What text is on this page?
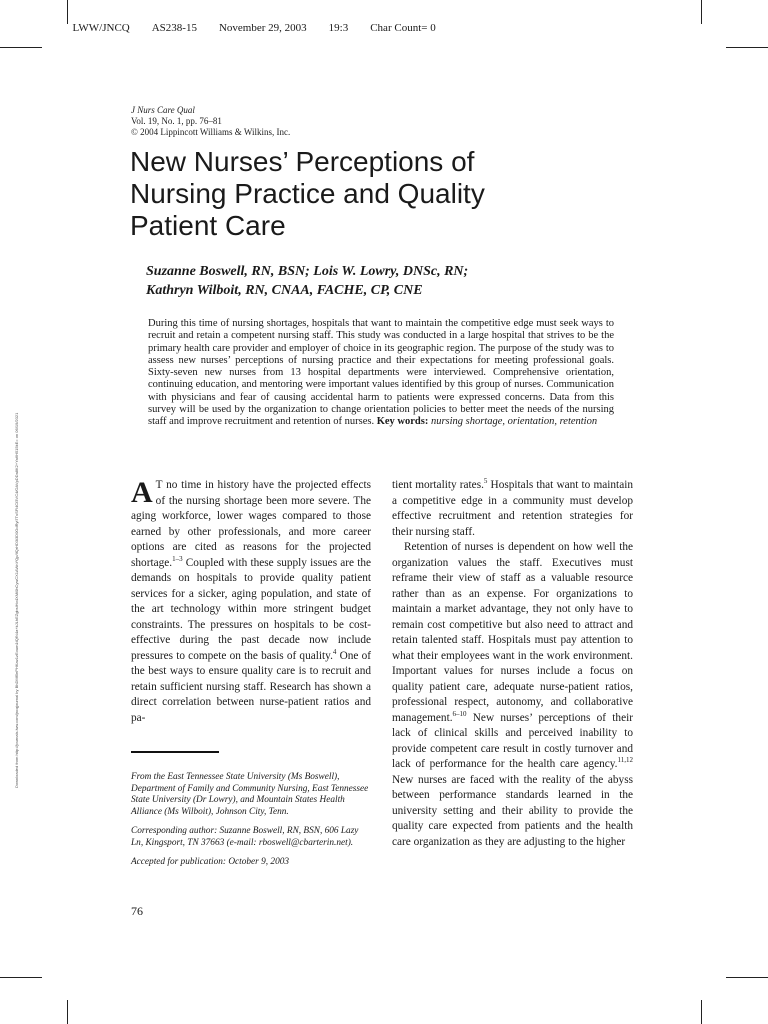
LWW/JNCQ AS238-15 November 29, 2003 19:3 Char Count= 0

Downloaded from http://journals.lww.com/jncqjournal by BhDMf5ePHKav1zEoum1tQfN4a+kJLhEZgbsIHo4XMi0hCywCX1AWnYQp/IlQrHD3i3D0OdRyi7TvSFl4Cf3VC4/OAVpDDa8K2+Ya6H515kE= on 06/19/2021
J Nurs Care Qual
Vol. 19, No. 1, pp. 76–81
© 2004 Lippincott Williams & Wilkins, Inc.
New Nurses’ Perceptions of Nursing Practice and Quality Patient Care
Suzanne Boswell, RN, BSN; Lois W. Lowry, DNSc, RN;
Kathryn Wilboit, RN, CNAA, FACHE, CP, CNE
During this time of nursing shortages, hospitals that want to maintain the competitive edge must seek ways to recruit and retain a competent nursing staff. This study was conducted in a large hospital that strives to be the primary health care provider and employer of choice in its geographic region. The purpose of the study was to assess new nurses’ perceptions of nursing practice and their expectations for meeting professional goals. Sixty-seven new nurses from 13 hospital departments were interviewed. Comprehensive orientation, continuing education, and mentoring were important values identified by this group of nurses. Communication with physicians and fear of causing accidental harm to patients were expressed concerns. Data from this survey will be used by the organization to change orientation policies to better meet the needs of the nursing staff and improve recruitment and retention of nurses. Key words: nursing shortage, orientation, retention

A T no time in history have the projected effects of the nursing shortage been more severe. The aging workforce, lower wages compared to those earned by other professionals, and more career options are cited as reasons for the projected shortage.$^{1-3}$ Coupled with these supply issues are the demands on hospitals to provide quality patient services for a sicker, aging population, and state of the art technology within more stringent budget constraints. The pressures on hospitals to be cost-effective during the past decade now include pressures to compete on the basis of quality.$^4$ One of the best ways to ensure quality care is to recruit and retain sufficient nursing staff. Research has shown a direct correlation between nurse-patient ratios and pa-

From the East Tennessee State University (Ms Boswell), Department of Family and Community Nursing, East Tennessee State University (Dr Lowry), and Mountain States Health Alliance (Ms Wilboit), Johnson City, Tenn.

Corresponding author: Suzanne Boswell, RN, BSN, 606 Lazy Ln, Kingsport, TN 37663 (e-mail: rboswell@cbarterin.net).

Accepted for publication: October 9, 2003

76

tient mortality rates.$^5$ Hospitals that want to maintain a competitive edge in a community must develop effective recruitment and retention strategies for their nursing staff.

Retention of nurses is dependent on how well the organization values the staff. Executives must reframe their view of staff as a valuable resource rather than as an expense. For organizations to maintain a market advantage, they not only have to remain cost competitive but also need to attract and retain talented staff. Hospitals must pay attention to what their employees want in the work environment. Important values for nurses include a focus on quality patient care, adequate nurse-patient ratios, professional respect, autonomy, and collaborative management.$^{6-10}$ New nurses’ perceptions of their lack of clinical skills and perceived inability to provide competent care result in costly turnover and lack of performance for the health care agency.$^{11,12}$ New nurses are faced with the reality of the abyss between performance standards learned in the university setting and their ability to provide the quality care expected from patients and the health care organization as they are adjusting to the higher
